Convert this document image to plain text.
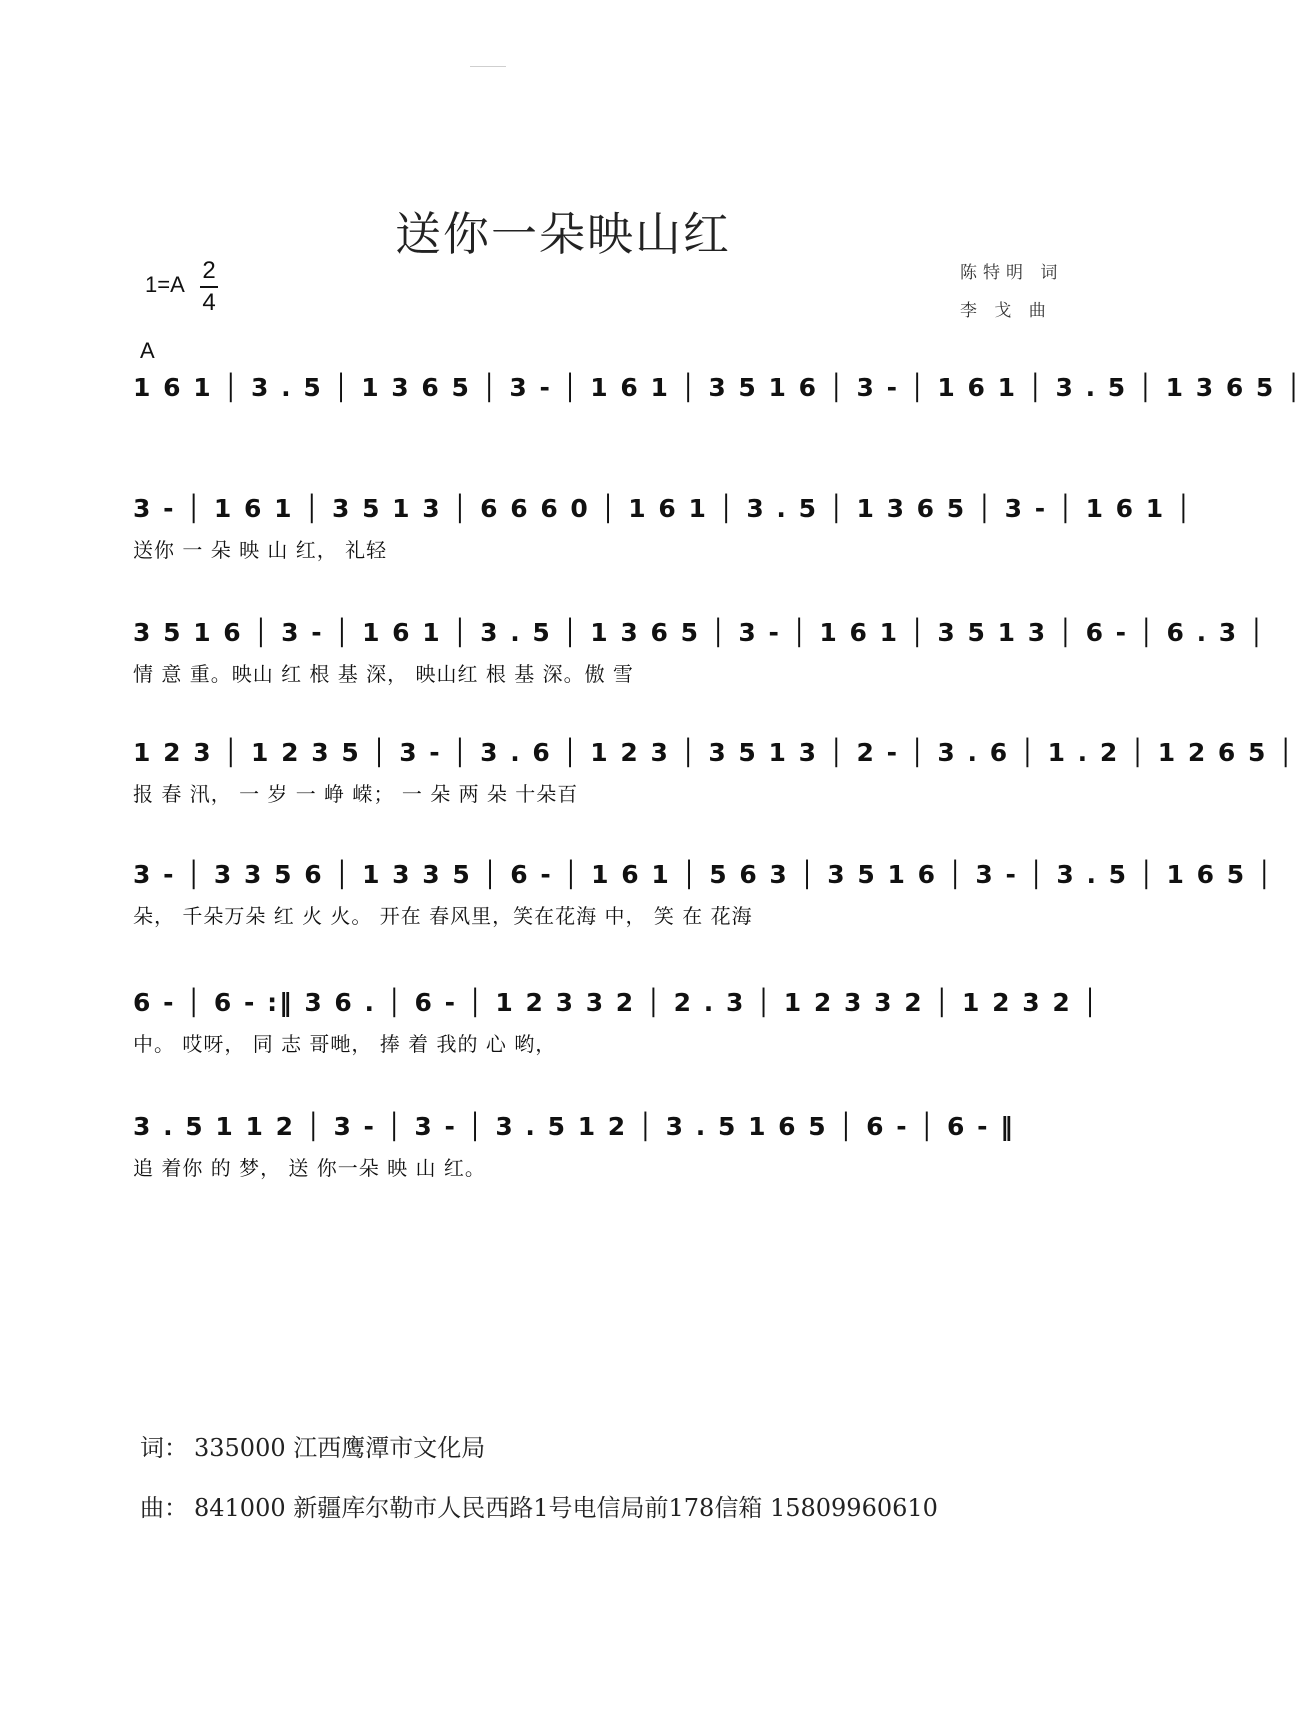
送你一朵映山红
1=A
2
4
陈特明 词
李 戈 曲
A
1 6 1 │ 3 . 5 │ 1 3 6 5 │ 3 - │ 1 6 1 │ 3 5 1 6 │ 3 - │ 1 6 1 │ 3 . 5 │ 1 3 6 5 │
3 - │ 1 6 1 │ 3 5 1 3 │ 6 6 6 0 │ 1 6 1 │ 3 . 5 │ 1 3 6 5 │ 3 - │ 1 6 1 │
送你 一 朵 映 山 红， 礼轻
3 5 1 6 │ 3 - │ 1 6 1 │ 3 . 5 │ 1 3 6 5 │ 3 - │ 1 6 1 │ 3 5 1 3 │ 6 - │ 6 . 3 │
情 意 重。映山 红 根 基 深， 映山红 根 基 深。傲 雪
1 2 3 │ 1 2 3 5 │ 3 - │ 3 . 6 │ 1 2 3 │ 3 5 1 3 │ 2 - │ 3 . 6 │ 1 . 2 │ 1 2 6 5 │
报 春 汛， 一 岁 一 峥 嵘； 一 朵 两 朵 十朵百
3 - │ 3 3 5 6 │ 1 3 3 5 │ 6 - │ 1 6 1 │ 5 6 3 │ 3 5 1 6 │ 3 - │ 3 . 5 │ 1 6 5 │
朵， 千朵万朵 红 火 火。 开在 春风里，笑在花海 中， 笑 在 花海
6 - │ 6 - :‖ 3 6 . │ 6 - │ 1 2 3 3 2 │ 2 . 3 │ 1 2 3 3 2 │ 1 2 3 2 │
中。 哎呀， 同 志 哥哋， 捧 着 我的 心 哟，
3 . 5 1 1 2 │ 3 - │ 3 - │ 3 . 5 1 2 │ 3 . 5 1 6 5 │ 6 - │ 6 - ‖
追 着你 的 梦， 送 你一朵 映 山 红。
词： 335000 江西鹰潭市文化局
曲： 841000 新疆库尔勒市人民西路1号电信局前178信箱 15809960610
